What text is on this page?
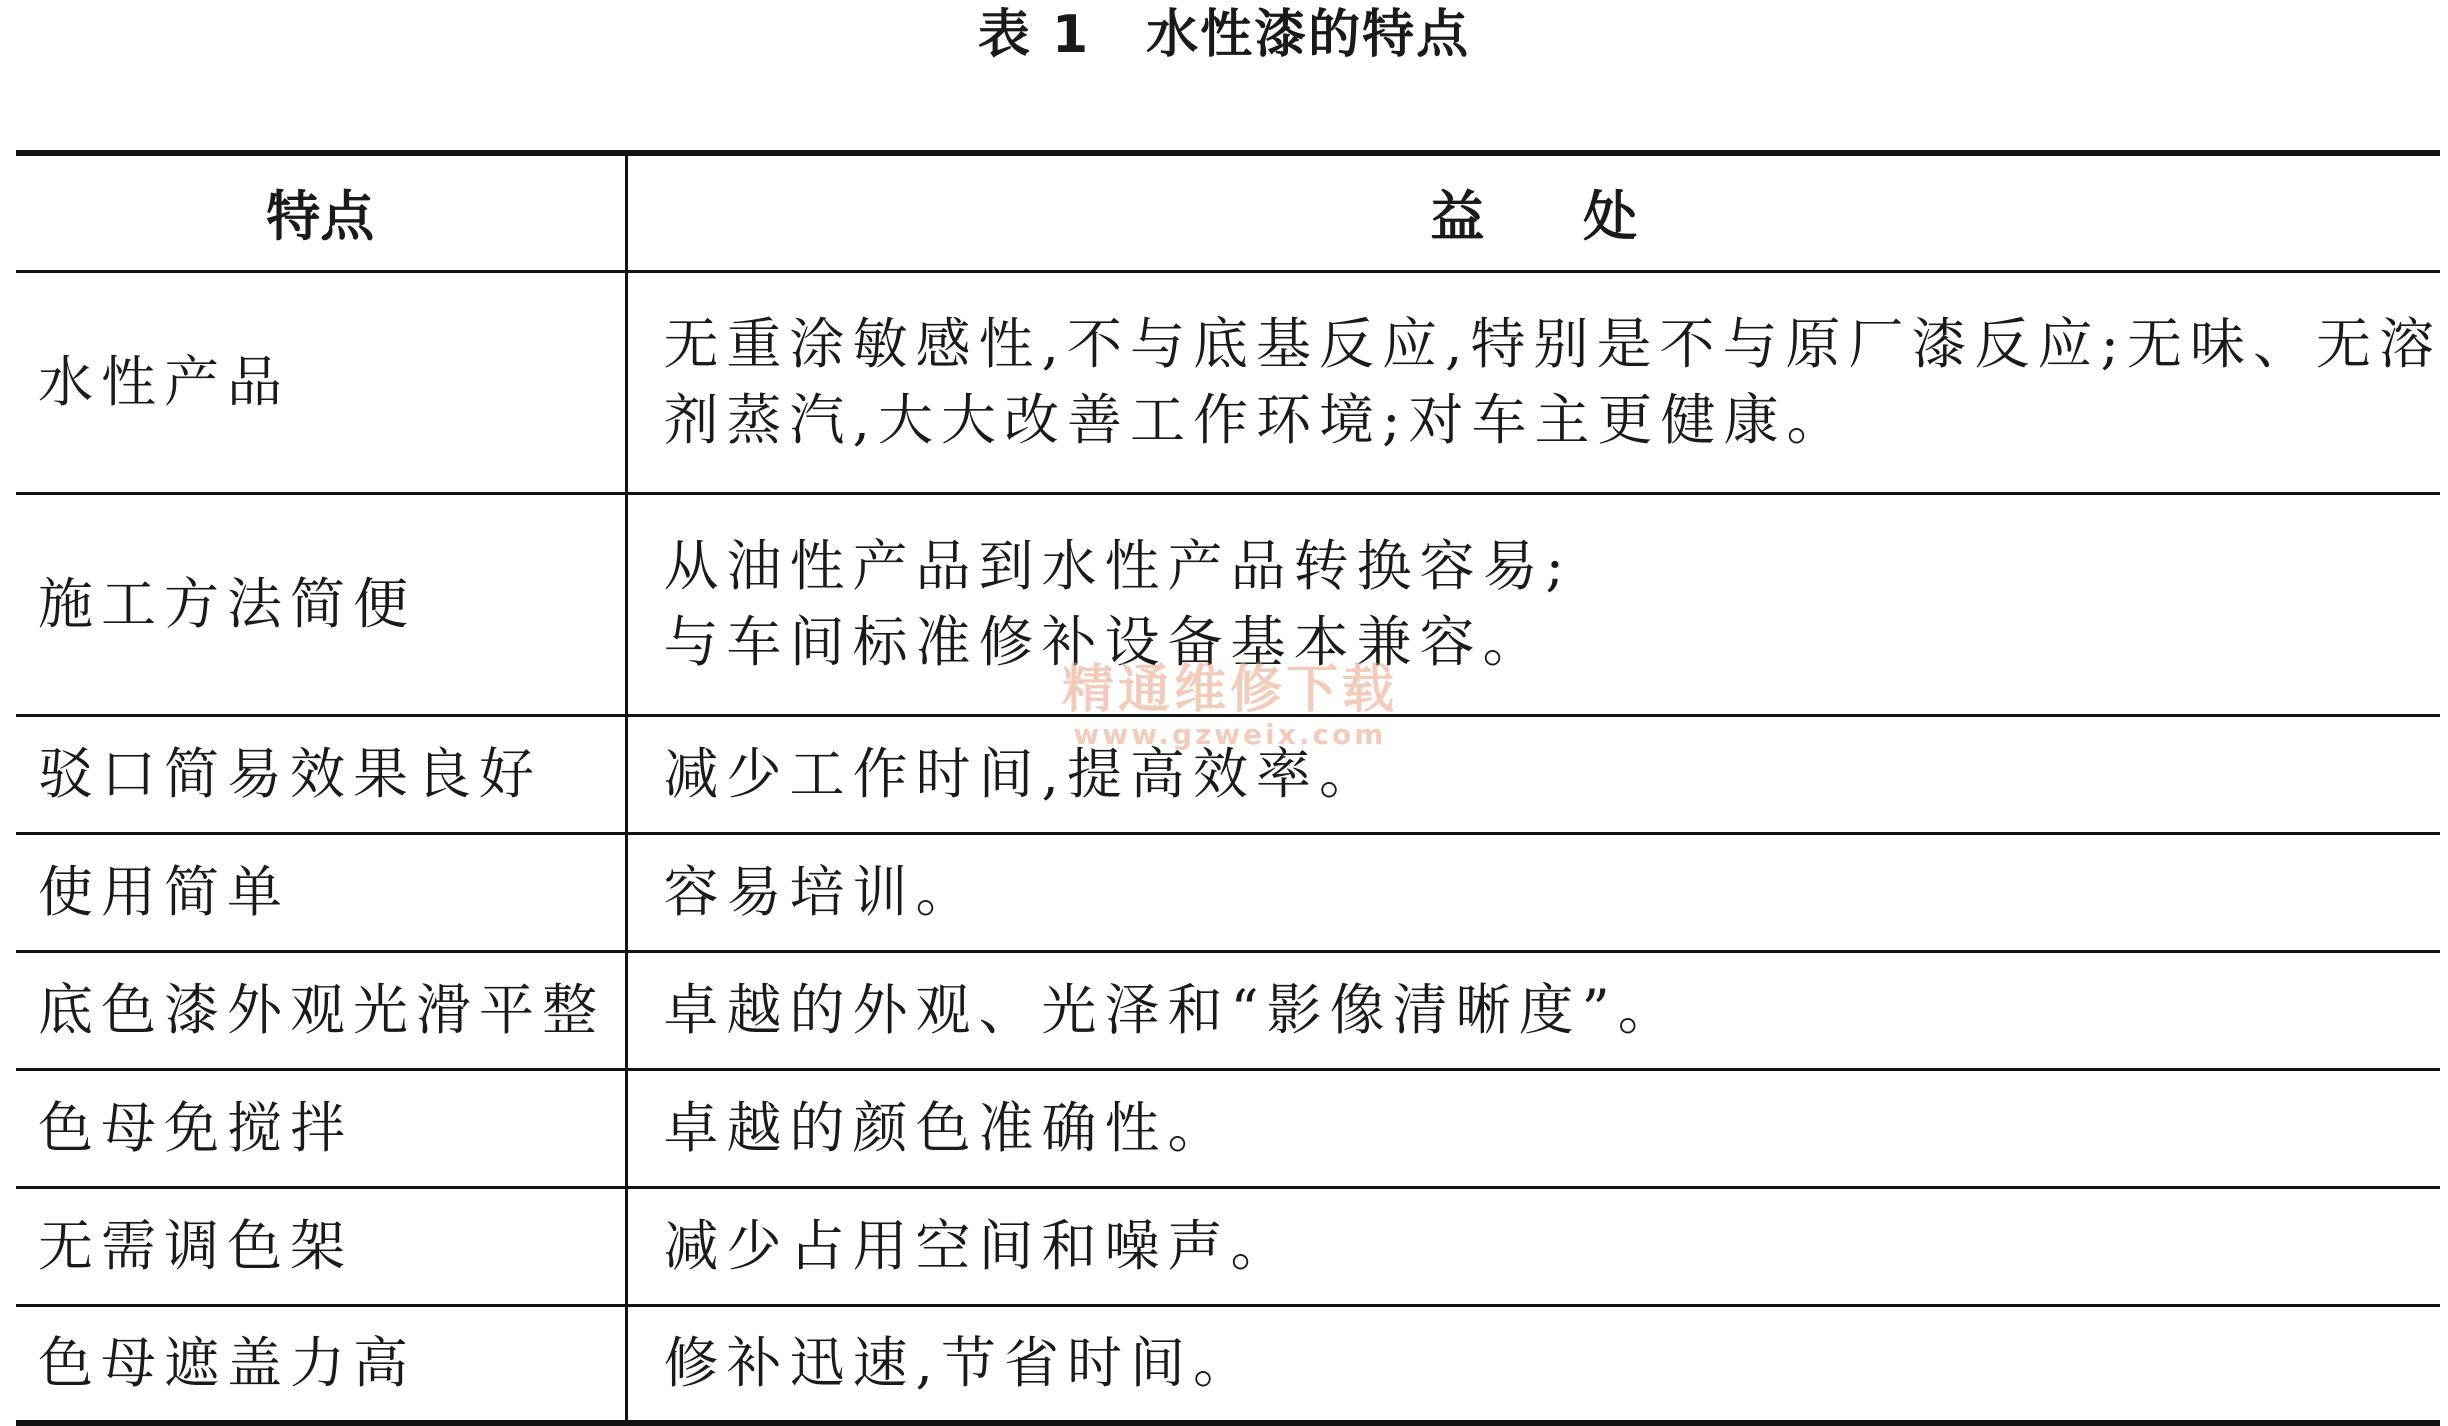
表 1 水性漆的特点
特点	益 处
水性产品	无重涂敏感性,不与底基反应,特别是不与原厂漆反应;无味、无溶
剂蒸汽,大大改善工作环境;对车主更健康。

施工方法简便	从油性产品到水性产品转换容易;
与车间标准修补设备基本兼容。

驳口简易效果良好	减少工作时间,提高效率。

使用简单	容易培训。

底色漆外观光滑平整	卓越的外观、光泽和“影像清晰度”。

色母免搅拌	卓越的颜色准确性。

无需调色架	减少占用空间和噪声。

色母遮盖力高	修补迅速,节省时间。
精通维修下载
www.gzweix.com
